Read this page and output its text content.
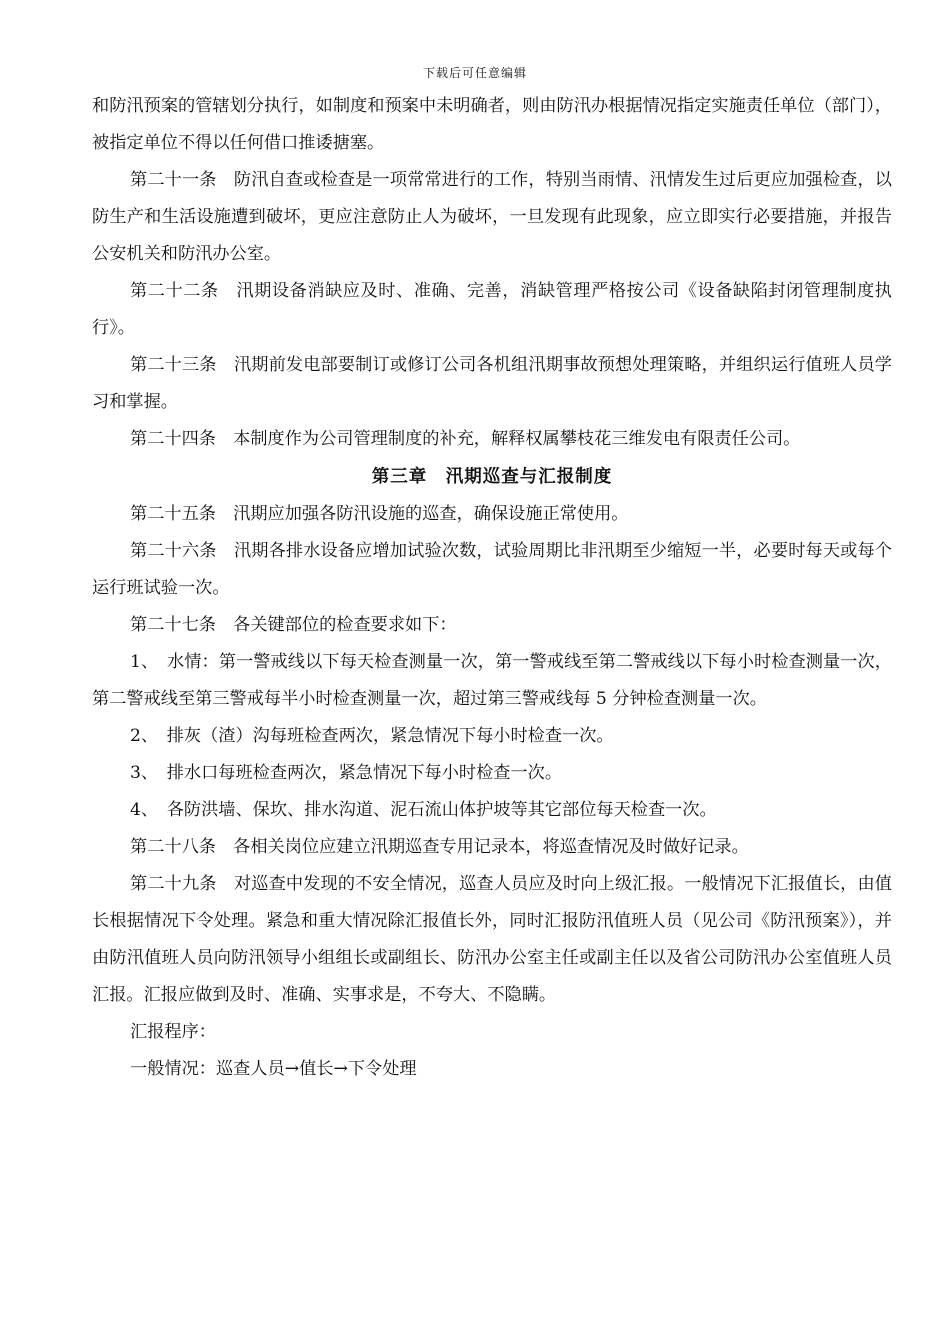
下载后可任意编辑

和防汛预案的管辖划分执行，如制度和预案中未明确者，则由防汛办根据情况指定实施责任单位（部门），被指定单位不得以任何借口推诿搪塞。

第二十一条　防汛自查或检查是一项常常进行的工作，特别当雨情、汛情发生过后更应加强检查，以防生产和生活设施遭到破坏，更应注意防止人为破坏，一旦发现有此现象，应立即实行必要措施，并报告公安机关和防汛办公室。

第二十二条　汛期设备消缺应及时、准确、完善，消缺管理严格按公司《设备缺陷封闭管理制度执行》。

第二十三条　汛期前发电部要制订或修订公司各机组汛期事故预想处理策略，并组织运行值班人员学习和掌握。

第二十四条　本制度作为公司管理制度的补充，解释权属攀枝花三维发电有限责任公司。

第三章　汛期巡查与汇报制度

第二十五条　汛期应加强各防汛设施的巡查，确保设施正常使用。

第二十六条　汛期各排水设备应增加试验次数，试验周期比非汛期至少缩短一半，必要时每天或每个运行班试验一次。

第二十七条　各关键部位的检查要求如下：

1、　水情：第一警戒线以下每天检查测量一次，第一警戒线至第二警戒线以下每小时检查测量一次，第二警戒线至第三警戒每半小时检查测量一次，超过第三警戒线每 5 分钟检查测量一次。

2、　排灰（渣）沟每班检查两次，紧急情况下每小时检查一次。

3、　排水口每班检查两次，紧急情况下每小时检查一次。

4、　各防洪墙、保坎、排水沟道、泥石流山体护坡等其它部位每天检查一次。

第二十八条　各相关岗位应建立汛期巡查专用记录本，将巡查情况及时做好记录。

第二十九条　对巡查中发现的不安全情况，巡查人员应及时向上级汇报。一般情况下汇报值长，由值长根据情况下令处理。紧急和重大情况除汇报值长外，同时汇报防汛值班人员（见公司《防汛预案》），并由防汛值班人员向防汛领导小组组长或副组长、防汛办公室主任或副主任以及省公司防汛办公室值班人员汇报。汇报应做到及时、准确、实事求是，不夸大、不隐瞒。

汇报程序：

一般情况：巡查人员→值长→下令处理
